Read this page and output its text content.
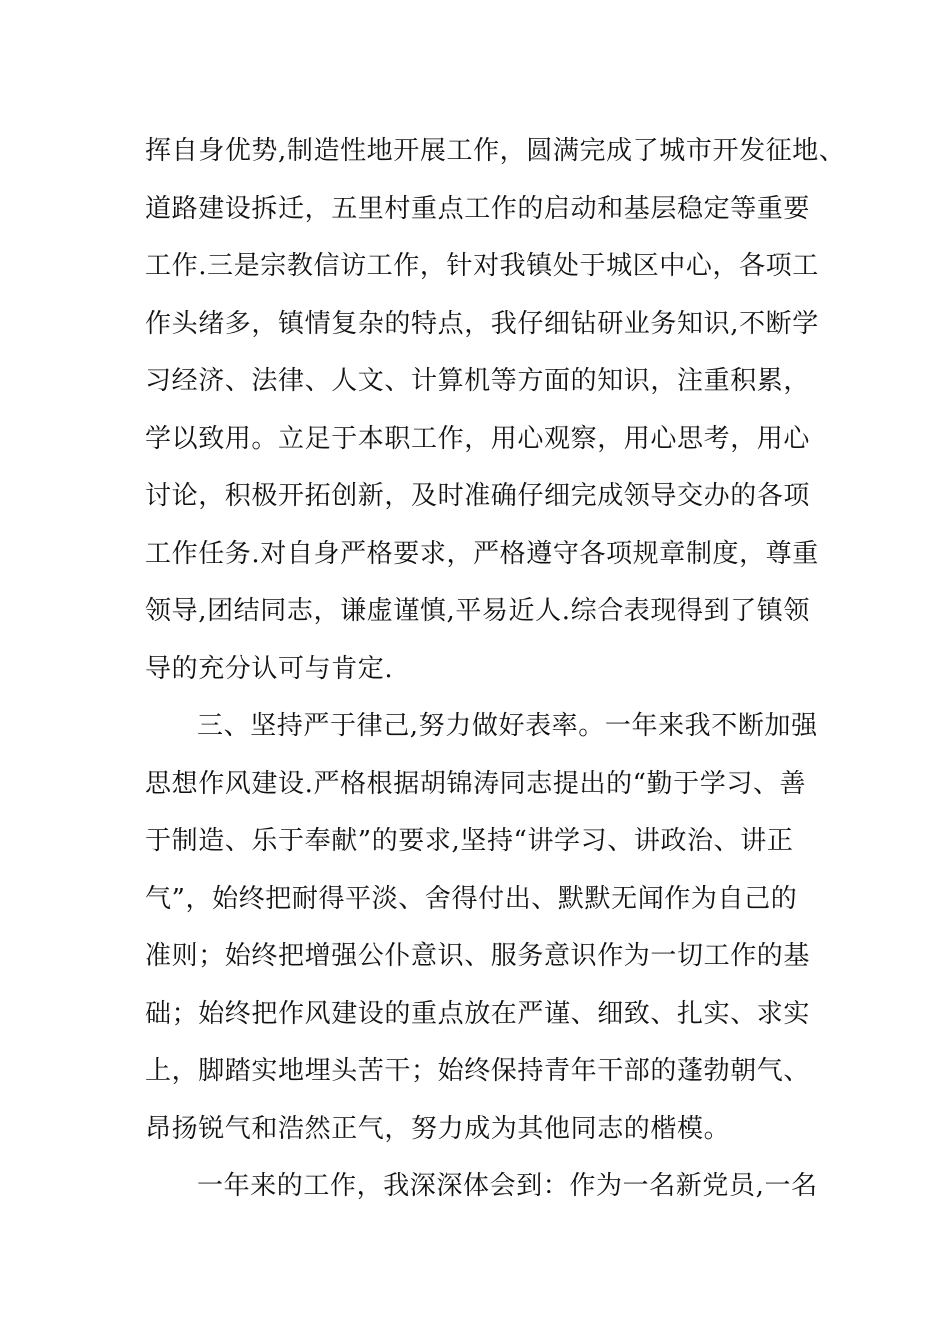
挥自身优势,制造性地开展工作，圆满完成了城市开发征地、
道路建设拆迁，五里村重点工作的启动和基层稳定等重要
工作.三是宗教信访工作，针对我镇处于城区中心，各项工
作头绪多，镇情复杂的特点，我仔细钻研业务知识,不断学
习经济、法律、人文、计算机等方面的知识，注重积累，
学以致用。立足于本职工作，用心观察，用心思考，用心
讨论，积极开拓创新，及时准确仔细完成领导交办的各项
工作任务.对自身严格要求，严格遵守各项规章制度，尊重
领导,团结同志，谦虚谨慎,平易近人.综合表现得到了镇领
导的充分认可与肯定.
三、坚持严于律己,努力做好表率。一年来我不断加强
思想作风建设.严格根据胡锦涛同志提出的“勤于学习、善
于制造、乐于奉献”的要求,坚持“讲学习、讲政治、讲正
气”，始终把耐得平淡、舍得付出、默默无闻作为自己的
准则；始终把增强公仆意识、服务意识作为一切工作的基
础；始终把作风建设的重点放在严谨、细致、扎实、求实
上，脚踏实地埋头苦干；始终保持青年干部的蓬勃朝气、
昂扬锐气和浩然正气，努力成为其他同志的楷模。
一年来的工作，我深深体会到：作为一名新党员,一名
